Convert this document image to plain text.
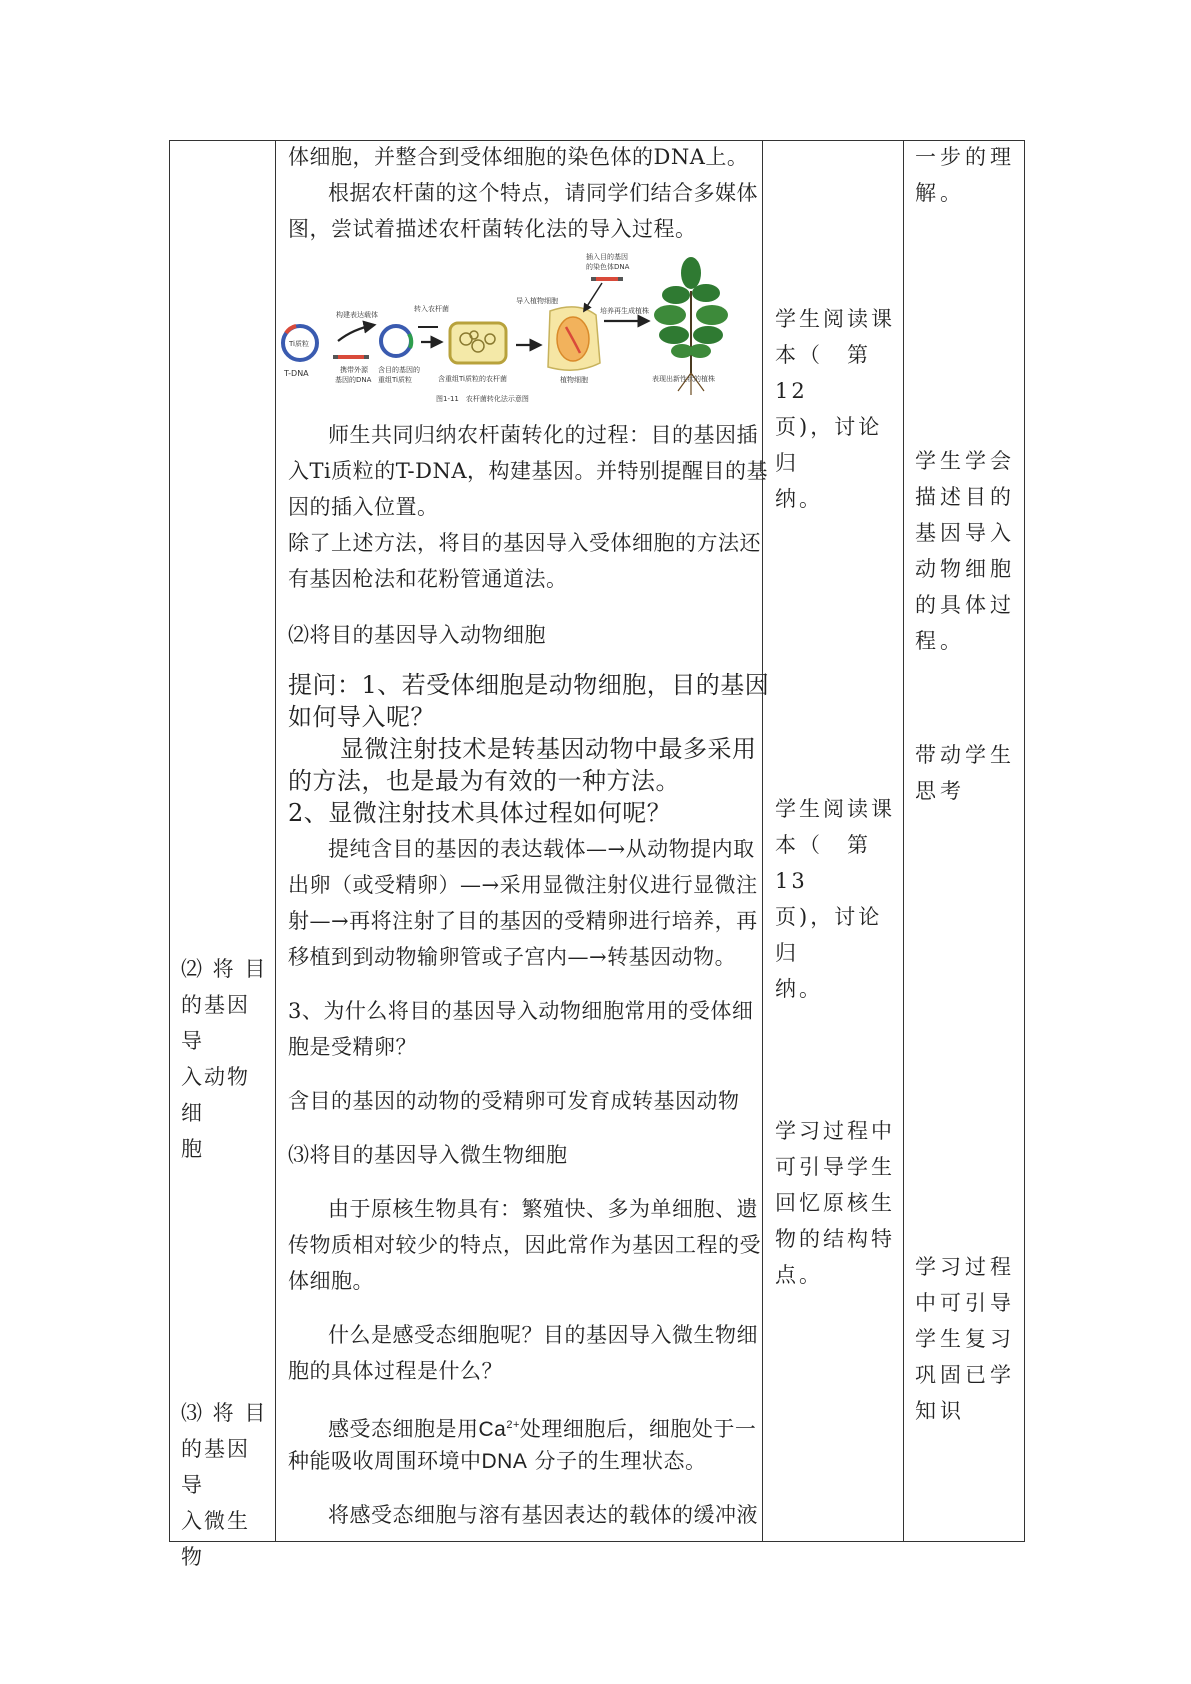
体细胞，并整合到受体细胞的染色体的DNA上。
根据农杆菌的这个特点，请同学们结合多媒体
图，尝试着描述农杆菌转化法的导入过程。
Ti质粒
T-DNA
构建表达载体
携带外源
基因的DNA
含目的基因的
重组Ti质粒
转入农杆菌
含重组Ti质粒的农杆菌
导入植物细胞
植物细胞
插入目的基因
的染色体DNA
培养再生成植株
表现出新性状的植株
图1-11　农杆菌转化法示意图
师生共同归纳农杆菌转化的过程：目的基因插
入Ti质粒的T-DNA，构建基因。并特别提醒目的基
因的插入位置。
除了上述方法，将目的基因导入受体细胞的方法还
有基因枪法和花粉管通道法。
⑵将目的基因导入动物细胞
提问：1、若受体细胞是动物细胞，目的基因
如何导入呢？
显微注射技术是转基因动物中最多采用
的方法，也是最为有效的一种方法。
2、显微注射技术具体过程如何呢？
提纯含目的基因的表达载体—→从动物提内取
出卵（或受精卵）—→采用显微注射仪进行显微注
射—→再将注射了目的基因的受精卵进行培养，再
移植到到动物输卵管或子宫内—→转基因动物。
3、为什么将目的基因导入动物细胞常用的受体细
胞是受精卵？
含目的基因的动物的受精卵可发育成转基因动物
⑶将目的基因导入微生物细胞
由于原核生物具有：繁殖快、多为单细胞、遗
传物质相对较少的特点，因此常作为基因工程的受
体细胞。
什么是感受态细胞呢？目的基因导入微生物细
胞的具体过程是什么？
感受态细胞是用$Ca^{2+}$处理细胞后，细胞处于一
种能吸收周围环境中DNA 分子的生理状态。
将感受态细胞与溶有基因表达的载体的缓冲液
⑵ 将 目
的基因导
入动物细
胞
⑶ 将 目
的基因导
入微生物
学生阅读课
本（　第　12
页)，讨论归
纳。
学生阅读课
本（　第　13
页)，讨论归
纳。
学习过程中
可引导学生
回忆原核生
物的结构特
点。
一步的理
解。
学生学会
描述目的
基因导入
动物细胞
的具体过
程。
带动学生
思考
学习过程
中可引导
学生复习
巩固已学
知识
